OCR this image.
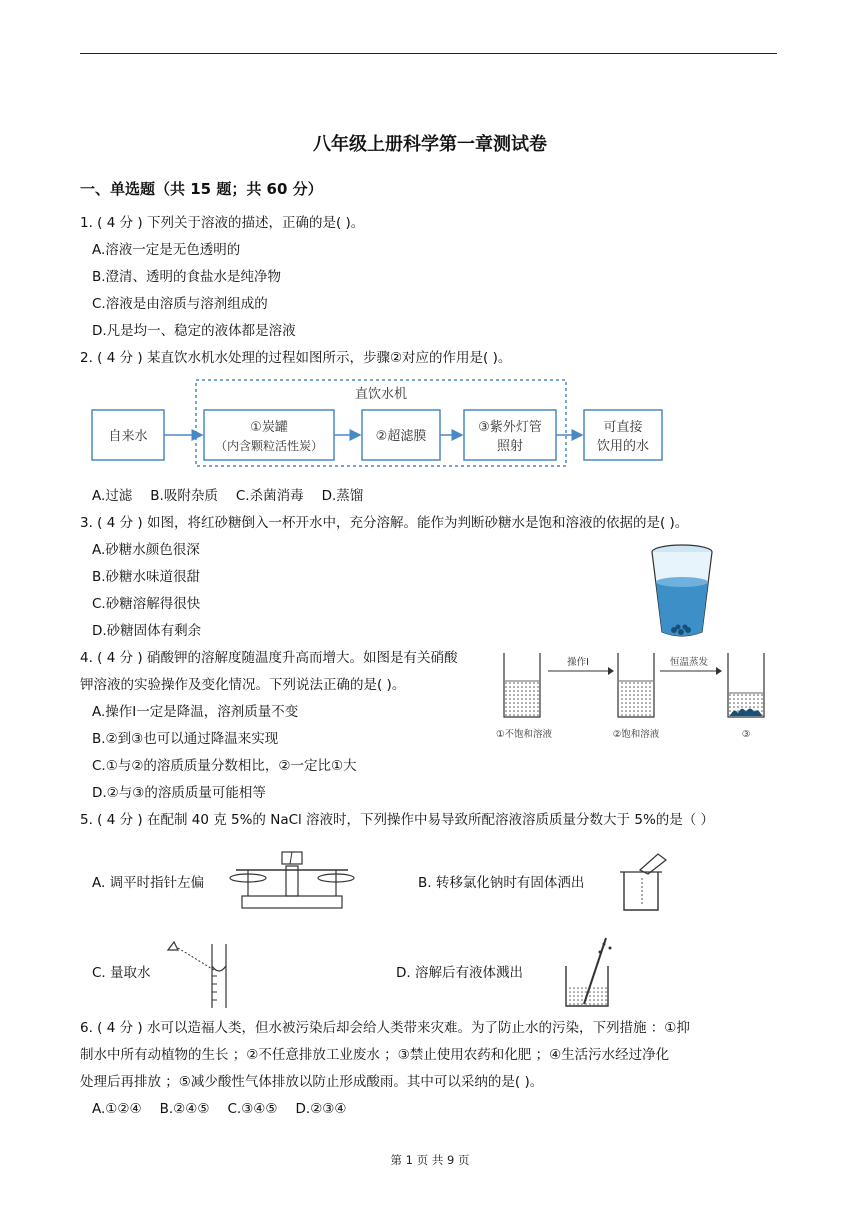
八年级上册科学第一章测试卷
一、单选题（共 15 题；共 60 分）
1. ( 4 分 ) 下列关于溶液的描述，正确的是( )。
A.溶液一定是无色透明的
B.澄清、透明的食盐水是纯净物
C.溶液是由溶质与溶剂组成的
D.凡是均一、稳定的液体都是溶液
2. ( 4 分 ) 某直饮水机水处理的过程如图所示，步骤②对应的作用是( )。
直饮水机
自来水
①炭罐
（内含颗粒活性炭）
②超滤膜
③紫外灯管
照射
可直接
饮用的水
A.过滤 B.吸附杂质 C.杀菌消毒 D.蒸馏
3. ( 4 分 ) 如图，将红砂糖倒入一杯开水中，充分溶解。能作为判断砂糖水是饱和溶液的依据的是( )。
A.砂糖水颜色很深
B.砂糖水味道很甜
C.砂糖溶解得很快
D.砂糖固体有剩余
4. ( 4 分 ) 硝酸钾的溶解度随温度升高而增大。如图是有关硝酸
钾溶液的实验操作及变化情况。下列说法正确的是( )。
A.操作Ⅰ一定是降温，溶剂质量不变
B.②到③也可以通过降温来实现
C.①与②的溶质质量分数相比，②一定比①大
D.②与③的溶质质量可能相等
操作Ⅰ	恒温蒸发
①不饱和溶液	②饱和溶液	③
5. ( 4 分 ) 在配制 40 克 5%的 NaCl 溶液时，下列操作中易导致所配溶液溶质质量分数大于 5%的是（ ）
A. 调平时指针左偏	B. 转移氯化钠时有固体洒出
C. 量取水	D. 溶解后有液体溅出
6. ( 4 分 ) 水可以造福人类，但水被污染后却会给人类带来灾难。为了防止水的污染，下列措施 ：①抑
制水中所有动植物的生长 ；②不任意排放工业废水 ；③禁止使用农药和化肥 ；④生活污水经过净化
处理后再排放 ；⑤减少酸性气体排放以防止形成酸雨。其中可以采纳的是( )。
A.①②④ B.②④⑤ C.③④⑤ D.②③④
第 1 页 共 9 页
